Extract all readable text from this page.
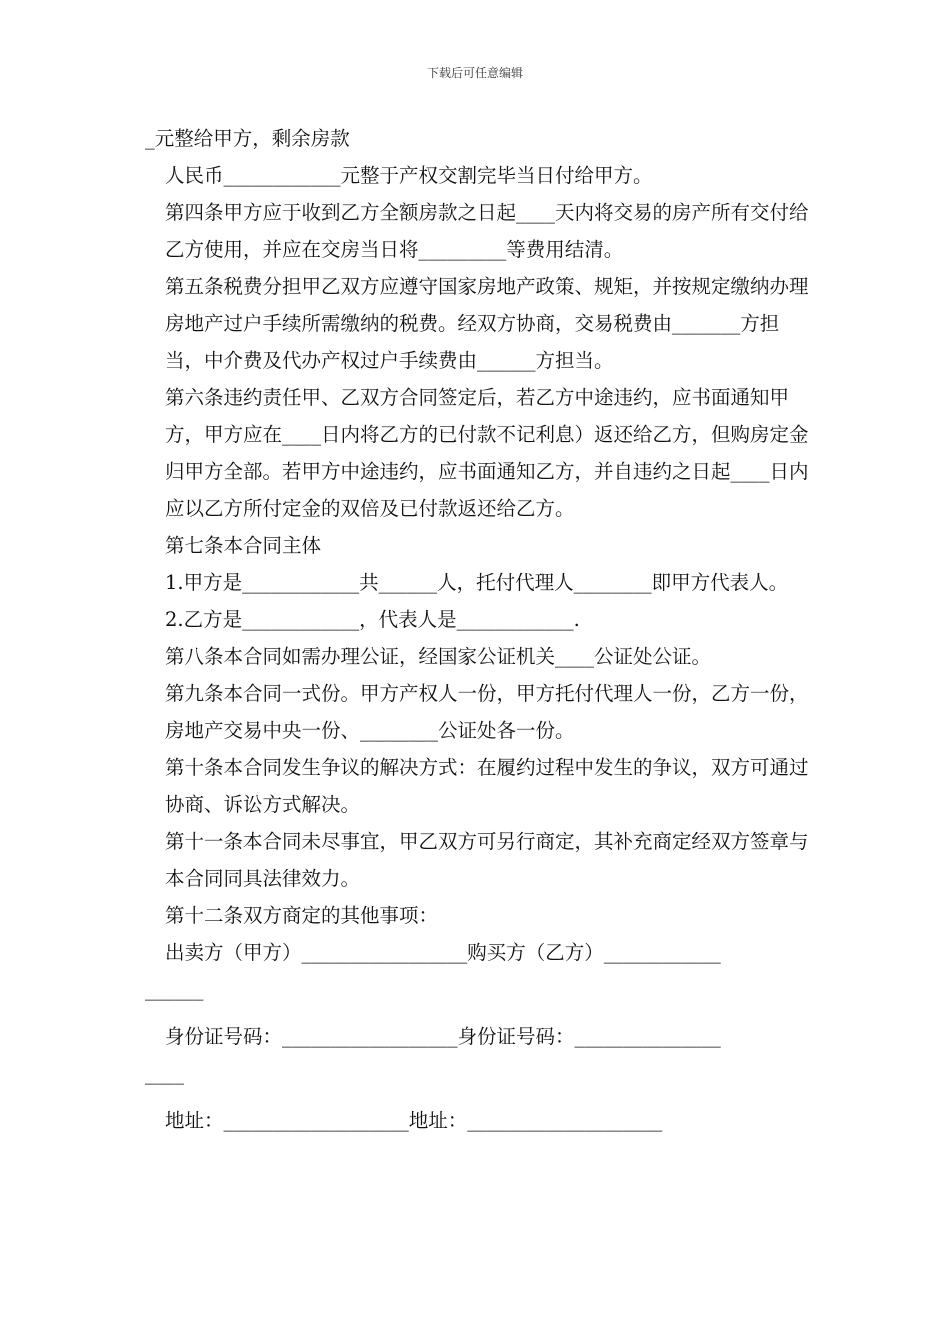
下载后可任意编辑

_元整给甲方，剩余房款

人民币____________元整于产权交割完毕当日付给甲方。

第四条甲方应于收到乙方全额房款之日起____天内将交易的房产所有交付给乙方使用，并应在交房当日将_________等费用结清。

第五条税费分担甲乙双方应遵守国家房地产政策、规矩，并按规定缴纳办理房地产过户手续所需缴纳的税费。经双方协商，交易税费由_______方担当，中介费及代办产权过户手续费由______方担当。

第六条违约责任甲、乙双方合同签定后，若乙方中途违约，应书面通知甲方，甲方应在____日内将乙方的已付款不记利息）返还给乙方，但购房定金归甲方全部。若甲方中途违约，应书面通知乙方，并自违约之日起____日内应以乙方所付定金的双倍及已付款返还给乙方。

第七条本合同主体

1.甲方是____________共______人，托付代理人________即甲方代表人。

2.乙方是____________，代表人是____________.

第八条本合同如需办理公证，经国家公证机关____公证处公证。

第九条本合同一式份。甲方产权人一份，甲方托付代理人一份，乙方一份，房地产交易中央一份、________公证处各一份。

第十条本合同发生争议的解决方式：在履约过程中发生的争议，双方可通过协商、诉讼方式解决。

第十一条本合同未尽事宜，甲乙双方可另行商定，其补充商定经双方签章与本合同同具法律效力。

第十二条双方商定的其他事项：

出卖方（甲方）_________________购买方（乙方）____________

______

身份证号码：__________________身份证号码：_______________

____

地址：___________________地址：____________________
